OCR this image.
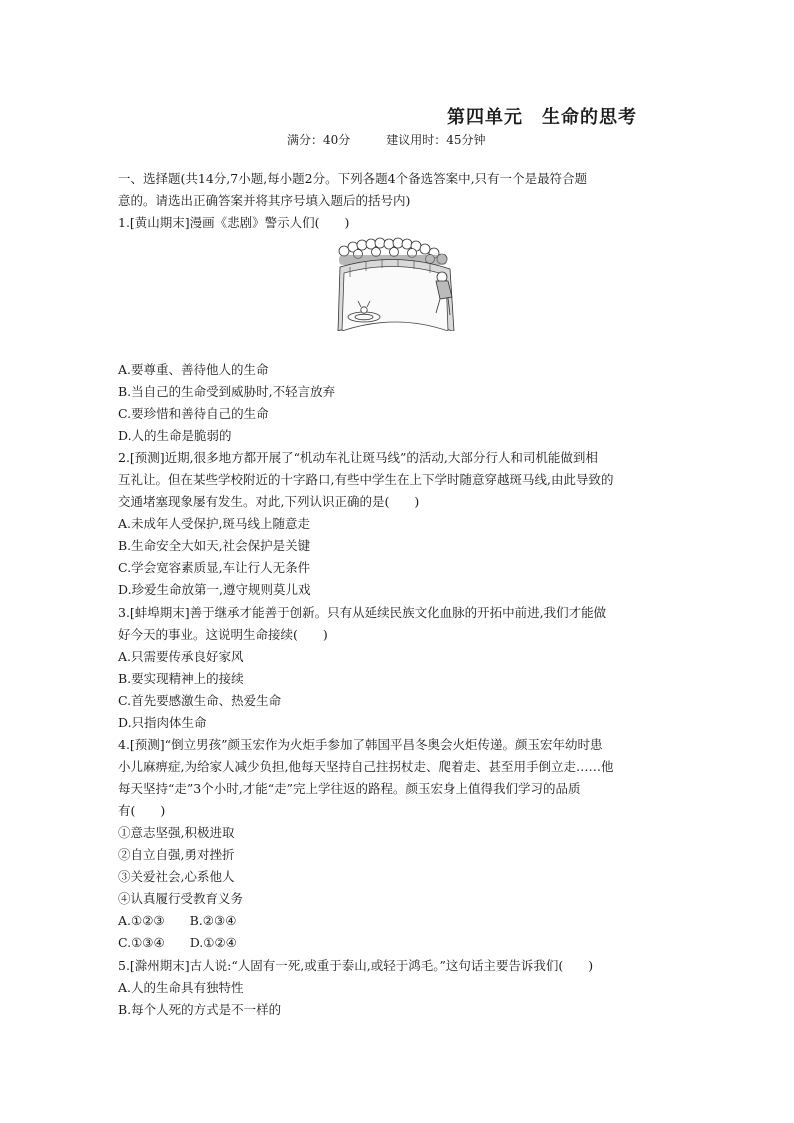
第四单元　生命的思考
满分：40分	建议用时：45分钟
一、选择题(共14分,7小题,每小题2分。下列各题4个备选答案中,只有一个是最符合题
意的。请选出正确答案并将其序号填入题后的括号内)
1.[黄山期末]漫画《悲剧》警示人们(　　)
A.要尊重、善待他人的生命
B.当自己的生命受到威胁时,不轻言放弃
C.要珍惜和善待自己的生命
D.人的生命是脆弱的
2.[预测]近期,很多地方都开展了“机动车礼让斑马线”的活动,大部分行人和司机能做到相
互礼让。但在某些学校附近的十字路口,有些中学生在上下学时随意穿越斑马线,由此导致的
交通堵塞现象屡有发生。对此,下列认识正确的是(　　)
A.未成年人受保护,斑马线上随意走
B.生命安全大如天,社会保护是关键
C.学会宽容素质显,车让行人无条件
D.珍爱生命放第一,遵守规则莫儿戏
3.[蚌埠期末]善于继承才能善于创新。只有从延续民族文化血脉的开拓中前进,我们才能做
好今天的事业。这说明生命接续(　　)
A.只需要传承良好家风
B.要实现精神上的接续
C.首先要感激生命、热爱生命
D.只指肉体生命
4.[预测]“倒立男孩”颜玉宏作为火炬手参加了韩国平昌冬奥会火炬传递。颜玉宏年幼时患
小儿麻痹症,为给家人减少负担,他每天坚持自己拄拐杖走、爬着走、甚至用手倒立走……他
每天坚持“走”3个小时,才能“走”完上学往返的路程。颜玉宏身上值得我们学习的品质
有(　　)
①意志坚强,积极进取
②自立自强,勇对挫折
③关爱社会,心系他人
④认真履行受教育义务
A.①②③　　B.②③④
C.①③④　　D.①②④
5.[滁州期末]古人说:“人固有一死,或重于泰山,或轻于鸿毛。”这句话主要告诉我们(　　)
A.人的生命具有独特性
B.每个人死的方式是不一样的
